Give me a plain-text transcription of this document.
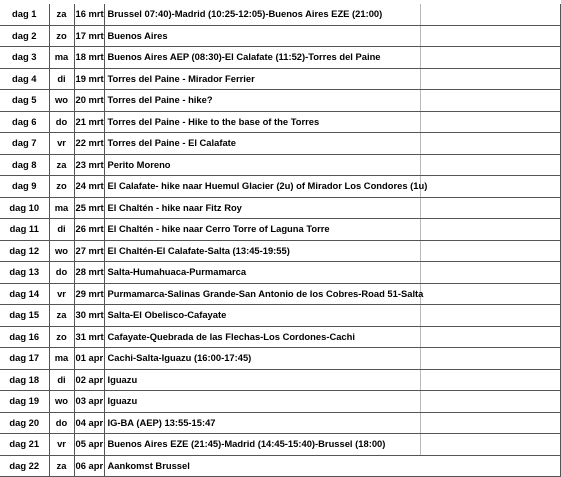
dag 1	za	16 mrt	Brussel 07:40)-Madrid (10:25-12:05)-Buenos Aires EZE (21:00)
dag 2	zo	17 mrt	Buenos Aires
dag 3	ma	18 mrt	Buenos Aires AEP (08:30)-El Calafate (11:52)-Torres del Paine
dag 4	di	19 mrt	Torres del Paine - Mirador Ferrier
dag 5	wo	20 mrt	Torres del Paine - hike?
dag 6	do	21 mrt	Torres del Paine - Hike to the base of the Torres
dag 7	vr	22 mrt	Torres del Paine - El Calafate
dag 8	za	23 mrt	Perito Moreno
dag 9	zo	24 mrt	El Calafate- hike naar Huemul Glacier (2u) of Mirador Los Condores (1u)
dag 10	ma	25 mrt	El Chaltén - hike naar Fitz Roy
dag 11	di	26 mrt	El Chaltén - hike naar Cerro Torre of Laguna Torre
dag 12	wo	27 mrt	El Chaltén-El Calafate-Salta (13:45-19:55)
dag 13	do	28 mrt	Salta-Humahuaca-Purmamarca
dag 14	vr	29 mrt	Purmamarca-Salinas Grande-San Antonio de los Cobres-Road 51-Salta
dag 15	za	30 mrt	Salta-El Obelisco-Cafayate
dag 16	zo	31 mrt	Cafayate-Quebrada de las Flechas-Los Cordones-Cachi
dag 17	ma	01 apr	Cachi-Salta-Iguazu (16:00-17:45)
dag 18	di	02 apr	Iguazu
dag 19	wo	03 apr	Iguazu
dag 20	do	04 apr	IG-BA (AEP) 13:55-15:47
dag 21	vr	05 apr	Buenos Aires EZE (21:45)-Madrid (14:45-15:40)-Brussel (18:00)
dag 22	za	06 apr	Aankomst Brussel
